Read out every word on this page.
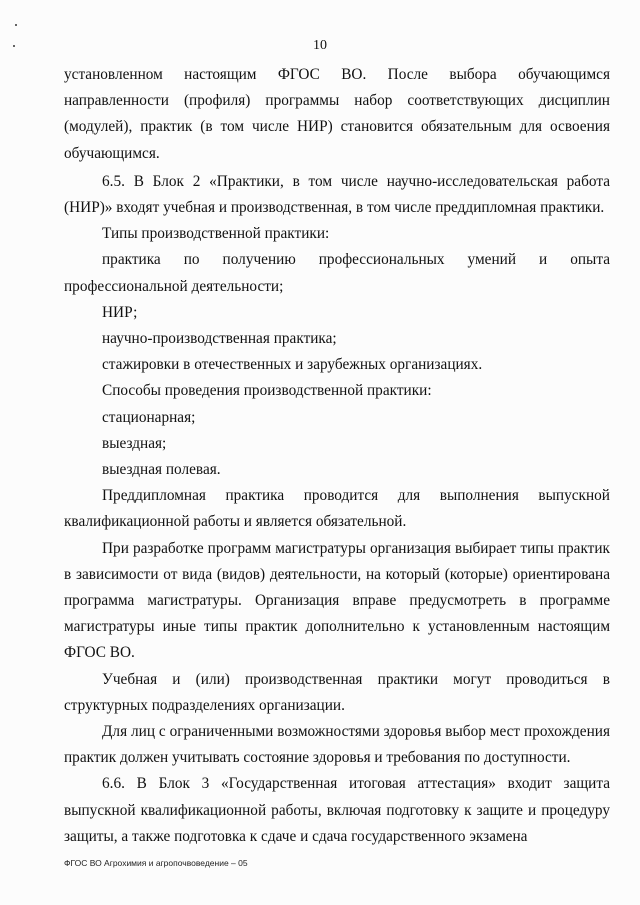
10

установленном настоящим ФГОС ВО. После выбора обучающимся направленности (профиля) программы набор соответствующих дисциплин (модулей), практик (в том числе НИР) становится обязательным для освоения обучающимся.

6.5. В Блок 2 «Практики, в том числе научно-исследовательская работа (НИР)» входят учебная и производственная, в том числе преддипломная практики.

Типы производственной практики:

практика по получению профессиональных умений и опыта

профессиональной деятельности;

НИР;

научно-производственная практика;

стажировки в отечественных и зарубежных организациях.

Способы проведения производственной практики:

стационарная;

выездная;

выездная полевая.

Преддипломная практика проводится для выполнения выпускной квалификационной работы и является обязательной.

При разработке программ магистратуры организация выбирает типы практик в зависимости от вида (видов) деятельности, на который (которые) ориентирована программа магистратуры. Организация вправе предусмотреть в программе магистратуры иные типы практик дополнительно к установленным настоящим ФГОС ВО.

Учебная и (или) производственная практики могут проводиться в структурных подразделениях организации.

Для лиц с ограниченными возможностями здоровья выбор мест прохождения практик должен учитывать состояние здоровья и требования по доступности.

6.6. В Блок 3 «Государственная итоговая аттестация» входит защита выпускной квалификационной работы, включая подготовку к защите и процедуру защиты, а также подготовка к сдаче и сдача государственного экзамена

ФГОС ВО Агрохимия и агропочвоведение – 05
